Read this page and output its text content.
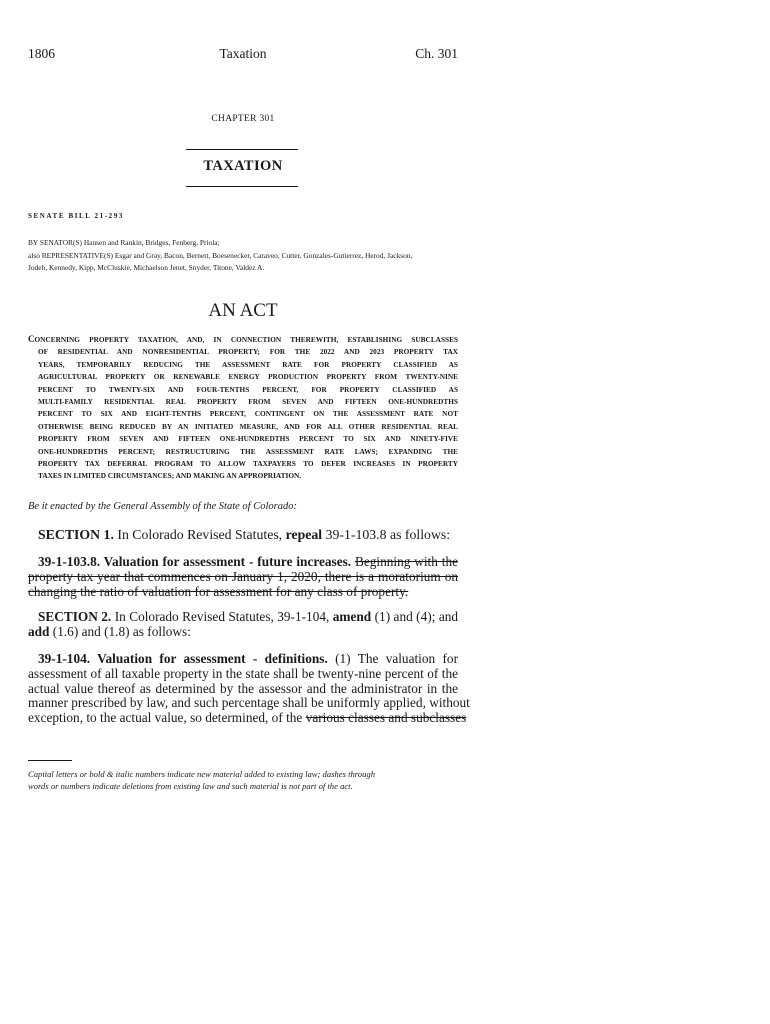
1806	Taxation	Ch. 301
CHAPTER 301
TAXATION
SENATE BILL 21-293
BY SENATOR(S) Hansen and Rankin, Bridges, Fenberg, Priola;
also REPRESENTATIVE(S) Esgar and Gray, Bacon, Bernett, Boesenecker, Caraveo, Cutter, Gonzales-Gutierrez, Herod, Jackson,
Jodeh, Kennedy, Kipp, McCluskie, Michaelson Jenet, Snyder, Titone, Valdez A.
AN ACT
CONCERNING PROPERTY TAXATION, AND, IN CONNECTION THEREWITH, ESTABLISHING SUBCLASSES
OF RESIDENTIAL AND NONRESIDENTIAL PROPERTY; FOR THE 2022 AND 2023 PROPERTY TAX
YEARS, TEMPORARILY REDUCING THE ASSESSMENT RATE FOR PROPERTY CLASSIFIED AS
AGRICULTURAL PROPERTY OR RENEWABLE ENERGY PRODUCTION PROPERTY FROM TWENTY-NINE
PERCENT TO TWENTY-SIX AND FOUR-TENTHS PERCENT, FOR PROPERTY CLASSIFIED AS
MULTI-FAMILY RESIDENTIAL REAL PROPERTY FROM SEVEN AND FIFTEEN ONE-HUNDREDTHS
PERCENT TO SIX AND EIGHT-TENTHS PERCENT, CONTINGENT ON THE ASSESSMENT RATE NOT
OTHERWISE BEING REDUCED BY AN INITIATED MEASURE, AND FOR ALL OTHER RESIDENTIAL REAL
PROPERTY FROM SEVEN AND FIFTEEN ONE-HUNDREDTHS PERCENT TO SIX AND NINETY-FIVE
ONE-HUNDREDTHS PERCENT; RESTRUCTURING THE ASSESSMENT RATE LAWS; EXPANDING THE
PROPERTY TAX DEFERRAL PROGRAM TO ALLOW TAXPAYERS TO DEFER INCREASES IN PROPERTY
TAXES IN LIMITED CIRCUMSTANCES; AND MAKING AN APPROPRIATION.
Be it enacted by the General Assembly of the State of Colorado:
SECTION 1. In Colorado Revised Statutes, repeal 39-1-103.8 as follows:
39-1-103.8. Valuation for assessment - future increases. Beginning with the
property tax year that commences on January 1, 2020, there is a moratorium on
changing the ratio of valuation for assessment for any class of property.
SECTION 2. In Colorado Revised Statutes, 39-1-104, amend (1) and (4); and
add (1.6) and (1.8) as follows:
39-1-104. Valuation for assessment - definitions. (1) The valuation for
assessment of all taxable property in the state shall be twenty-nine percent of the
actual value thereof as determined by the assessor and the administrator in the
manner prescribed by law, and such percentage shall be uniformly applied, without
exception, to the actual value, so determined, of the various classes and subclasses
Capital letters or bold & italic numbers indicate new material added to existing law; dashes through
words or numbers indicate deletions from existing law and such material is not part of the act.
